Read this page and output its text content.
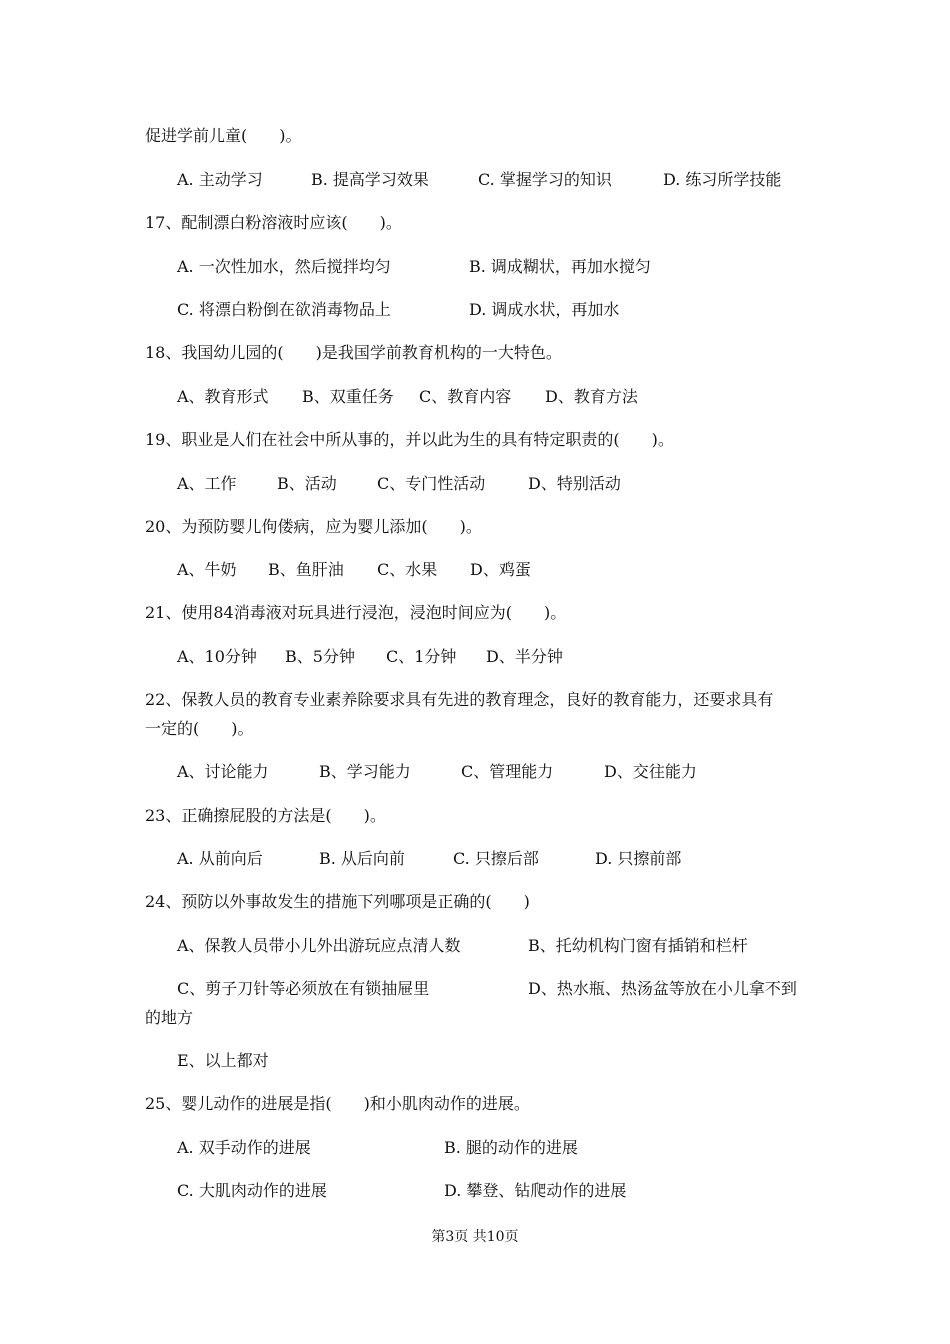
促进学前儿童(　　)。
A. 主动学习	B. 提高学习效果	C. 掌握学习的知识	D. 练习所学技能
17、配制漂白粉溶液时应该(　　)。
A. 一次性加水，然后搅拌均匀	B. 调成糊状，再加水搅匀
C. 将漂白粉倒在欲消毒物品上	D. 调成水状，再加水
18、我国幼儿园的(　　)是我国学前教育机构的一大特色。
A、教育形式 B、双重任务 C、教育内容 D、教育方法
19、职业是人们在社会中所从事的，并以此为生的具有特定职责的(　　)。
A、工作	B、活动	C、专门性活动	D、特别活动
20、为预防婴儿佝偻病，应为婴儿添加(　　)。
A、牛奶 B、鱼肝油 C、水果 D、鸡蛋
21、使用84消毒液对玩具进行浸泡，浸泡时间应为(　　)。
A、10分钟 B、5分钟 C、1分钟 D、半分钟
22、保教人员的教育专业素养除要求具有先进的教育理念，良好的教育能力，还要求具有
一定的(　　)。
A、讨论能力	B、学习能力	C、管理能力	D、交往能力
23、正确擦屁股的方法是(　　)。
A. 从前向后	B. 从后向前	C. 只擦后部	D. 只擦前部
24、预防以外事故发生的措施下列哪项是正确的(　　)
A、保教人员带小儿外出游玩应点清人数	B、托幼机构门窗有插销和栏杆
C、剪子刀针等必须放在有锁抽屉里	D、热水瓶、热汤盆等放在小儿拿不到
的地方
E、以上都对
25、婴儿动作的进展是指(　　)和小肌肉动作的进展。
A. 双手动作的进展	B. 腿的动作的进展
C. 大肌肉动作的进展	D. 攀登、钻爬动作的进展
第3页 共10页
